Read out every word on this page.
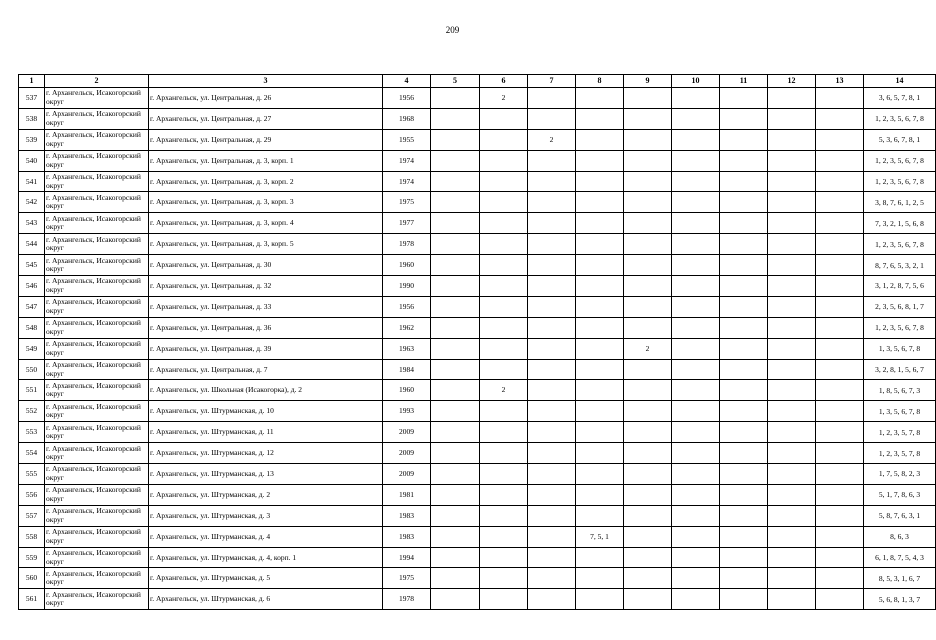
209
1	2	3	4	5	6	7	8	9	10	11	12	13	14
537	г. Архангельск, Исакогорский округ	г. Архангельск, ул. Центральная, д. 26	1956		2								3, 6, 5, 7, 8, 1
538	г. Архангельск, Исакогорский округ	г. Архангельск, ул. Центральная, д. 27	1968										1, 2, 3, 5, 6, 7, 8
539	г. Архангельск, Исакогорский округ	г. Архангельск, ул. Центральная, д. 29	1955			2							5, 3, 6, 7, 8, 1
540	г. Архангельск, Исакогорский округ	г. Архангельск, ул. Центральная, д. 3, корп. 1	1974										1, 2, 3, 5, 6, 7, 8
541	г. Архангельск, Исакогорский округ	г. Архангельск, ул. Центральная, д. 3, корп. 2	1974										1, 2, 3, 5, 6, 7, 8
542	г. Архангельск, Исакогорский округ	г. Архангельск, ул. Центральная, д. 3, корп. 3	1975										3, 8, 7, 6, 1, 2, 5
543	г. Архангельск, Исакогорский округ	г. Архангельск, ул. Центральная, д. 3, корп. 4	1977										7, 3, 2, 1, 5, 6, 8
544	г. Архангельск, Исакогорский округ	г. Архангельск, ул. Центральная, д. 3, корп. 5	1978										1, 2, 3, 5, 6, 7, 8
545	г. Архангельск, Исакогорский округ	г. Архангельск, ул. Центральная, д. 30	1960										8, 7, 6, 5, 3, 2, 1
546	г. Архангельск, Исакогорский округ	г. Архангельск, ул. Центральная, д. 32	1990										3, 1, 2, 8, 7, 5, 6
547	г. Архангельск, Исакогорский округ	г. Архангельск, ул. Центральная, д. 33	1956										2, 3, 5, 6, 8, 1, 7
548	г. Архангельск, Исакогорский округ	г. Архангельск, ул. Центральная, д. 36	1962										1, 2, 3, 5, 6, 7, 8
549	г. Архангельск, Исакогорский округ	г. Архангельск, ул. Центральная, д. 39	1963					2					1, 3, 5, 6, 7, 8
550	г. Архангельск, Исакогорский округ	г. Архангельск, ул. Центральная, д. 7	1984										3, 2, 8, 1, 5, 6, 7
551	г. Архангельск, Исакогорский округ	г. Архангельск, ул. Школьная (Исакогорка), д. 2	1960		2								1, 8, 5, 6, 7, 3
552	г. Архангельск, Исакогорский округ	г. Архангельск, ул. Штурманская, д. 10	1993										1, 3, 5, 6, 7, 8
553	г. Архангельск, Исакогорский округ	г. Архангельск, ул. Штурманская, д. 11	2009										1, 2, 3, 5, 7, 8
554	г. Архангельск, Исакогорский округ	г. Архангельск, ул. Штурманская, д. 12	2009										1, 2, 3, 5, 7, 8
555	г. Архангельск, Исакогорский округ	г. Архангельск, ул. Штурманская, д. 13	2009										1, 7, 5, 8, 2, 3
556	г. Архангельск, Исакогорский округ	г. Архангельск, ул. Штурманская, д. 2	1981										5, 1, 7, 8, 6, 3
557	г. Архангельск, Исакогорский округ	г. Архангельск, ул. Штурманская, д. 3	1983										5, 8, 7, 6, 3, 1
558	г. Архангельск, Исакогорский округ	г. Архангельск, ул. Штурманская, д. 4	1983				7, 5, 1						8, 6, 3
559	г. Архангельск, Исакогорский округ	г. Архангельск, ул. Штурманская, д. 4, корп. 1	1994										6, 1, 8, 7, 5, 4, 3
560	г. Архангельск, Исакогорский округ	г. Архангельск, ул. Штурманская, д. 5	1975										8, 5, 3, 1, 6, 7
561	г. Архангельск, Исакогорский округ	г. Архангельск, ул. Штурманская, д. 6	1978										5, 6, 8, 1, 3, 7
